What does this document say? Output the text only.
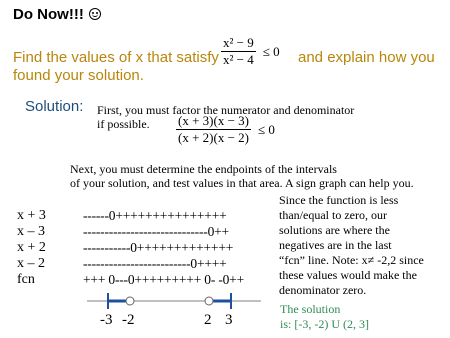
Do Now!!!
Find the values of x that satisfy $\frac{\text{x² − 9}}{\text{x² − 4}} \le 0$ and explain how you
found your solution.
Solution: First, you must factor the numerator and denominator
if possible.	$\frac{(x + 3)(x - 3)}{(x + 2)(x - 2)} \le 0$
Next, you must determine the endpoints of the intervals
of your solution, and test values in that area. A sign graph can help you.
x + 3
x – 3
x + 2
x – 2
fcn
------0+++++++++++++++
-----------------------------0++
-----------0+++++++++++++
-------------------------0++++
+++ 0---0+++++++++ 0- -0++
-3 -2	2 3
Since the function is less
than/equal to zero, our
solutions are where the
negatives are in the last
“fcn” line. Note: x≠ -2,2 since
these values would make the
denominator zero.
The solution
is: [-3, -2) U (2, 3]
